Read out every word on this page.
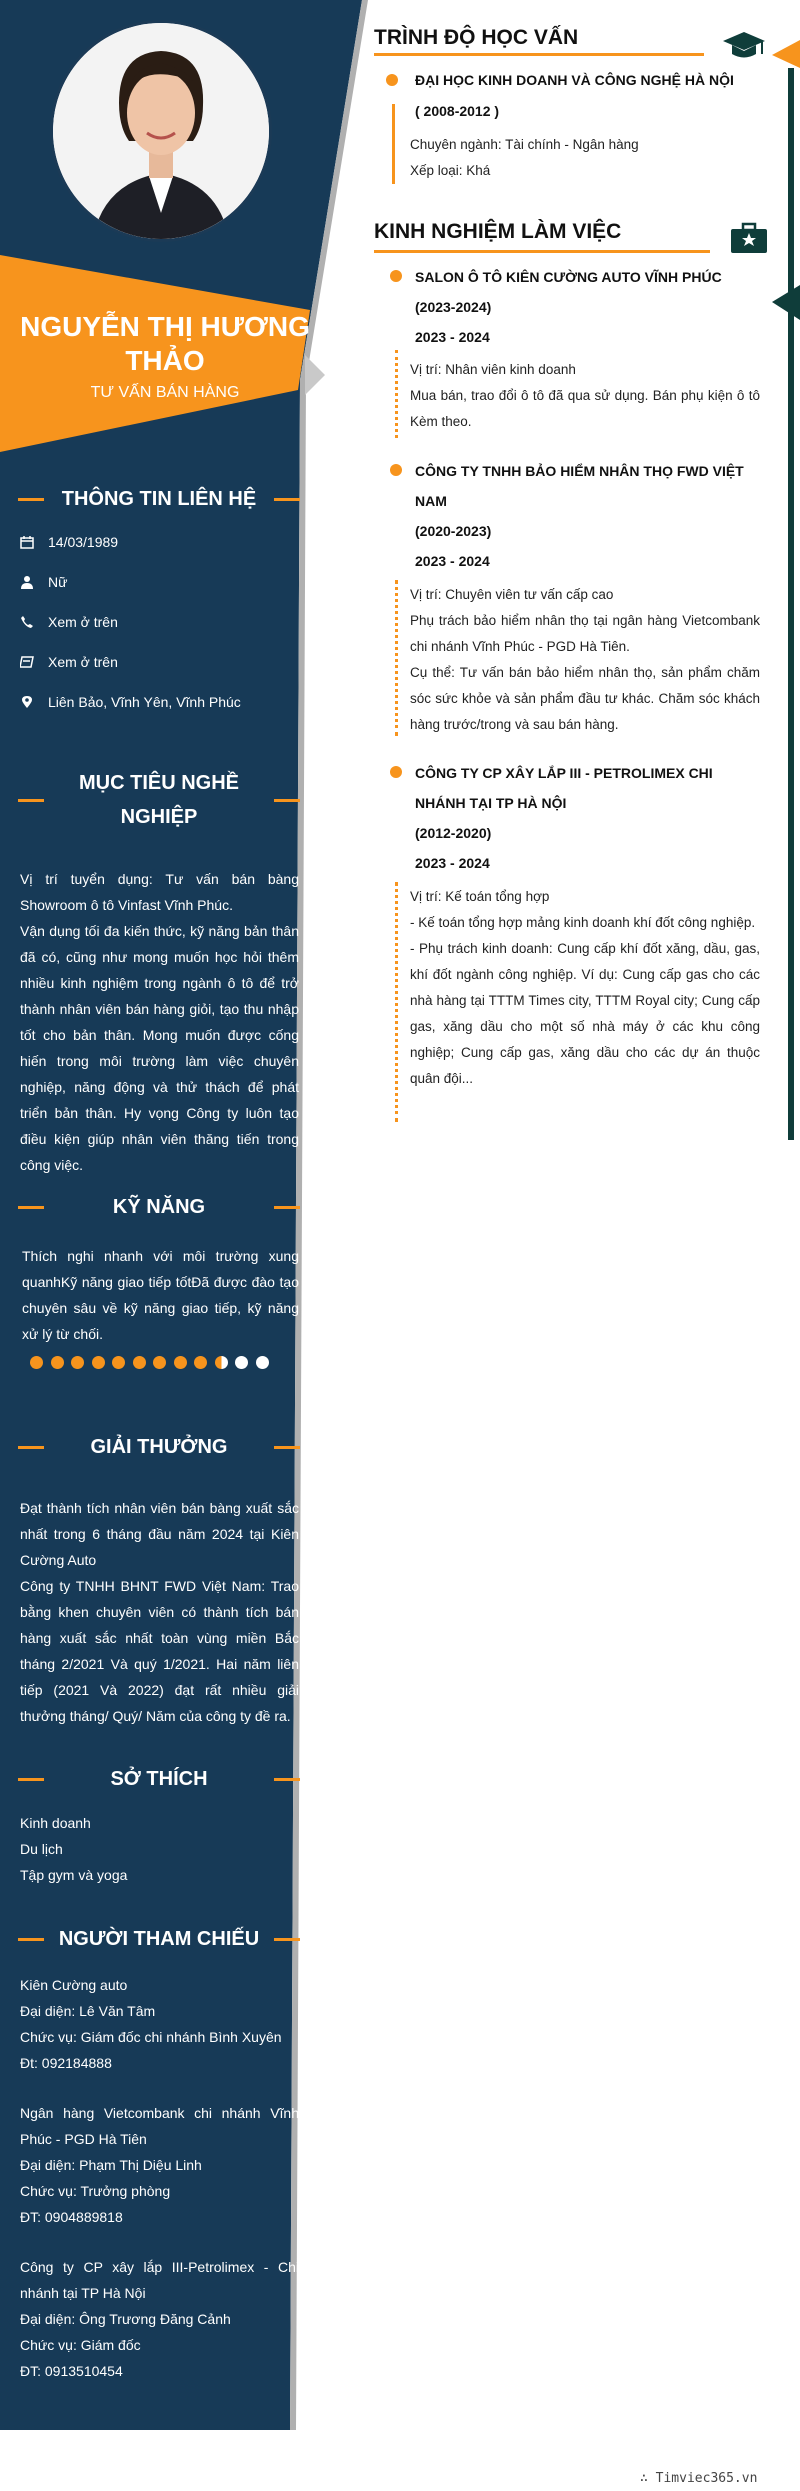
NGUYỄN THỊ HƯƠNG THẢO
TƯ VẤN BÁN HÀNG
THÔNG TIN LIÊN HỆ
14/03/1989
Nữ
Xem ở trên
Xem ở trên
Liên Bảo, Vĩnh Yên, Vĩnh Phúc
MỤC TIÊU NGHỀ
NGHIỆP
Vị trí tuyển dụng: Tư vấn bán bàng Showroom ô tô Vinfast Vĩnh Phúc.
Vận dụng tối đa kiến thức, kỹ năng bản thân đã có, cũng như mong muốn học hỏi thêm nhiều kinh nghiệm trong ngành ô tô để trở thành nhân viên bán hàng giỏi, tạo thu nhập tốt cho bản thân. Mong muốn được cống hiến trong môi trường làm việc chuyên nghiệp, năng động và thử thách để phát triển bản thân. Hy vọng Công ty luôn tạo điều kiện giúp nhân viên thăng tiến trong công việc.
KỸ NĂNG
Thích nghi nhanh với môi trường xung quanhKỹ năng giao tiếp tốtĐã được đào tạo chuyên sâu về kỹ năng giao tiếp, kỹ năng xử lý từ chối.
GIẢI THƯỞNG
Đạt thành tích nhân viên bán bàng xuất sắc nhất trong 6 tháng đầu năm 2024 tại Kiên Cường Auto
Công ty TNHH BHNT FWD Việt Nam: Trao bằng khen chuyên viên có thành tích bán hàng xuất sắc nhất toàn vùng miền Bắc tháng 2/2021 Và quý 1/2021. Hai năm liên tiếp (2021 Và 2022) đạt rất nhiều giải thưởng tháng/ Quý/ Năm của công ty đề ra.
SỞ THÍCH
Kinh doanh
Du lịch
Tập gym và yoga
NGƯỜI THAM CHIẾU
Kiên Cường auto
Đại diện: Lê Văn Tâm
Chức vụ: Giám đốc chi nhánh Bình Xuyên
Đt: 092184888
Ngân hàng Vietcombank chi nhánh Vĩnh Phúc - PGD Hà Tiên
Đại diện: Phạm Thị Diệu Linh
Chức vụ: Trưởng phòng
ĐT: 0904889818
Công ty CP xây lắp III-Petrolimex - Chi nhánh tại TP Hà Nội
Đại diện: Ông Trương Đăng Cảnh
Chức vụ: Giám đốc
ĐT: 0913510454
TRÌNH ĐỘ HỌC VẤN
ĐẠI HỌC KINH DOANH VÀ CÔNG NGHỆ HÀ NỘI
( 2008-2012 )
Chuyên ngành: Tài chính - Ngân hàng
Xếp loại: Khá
KINH NGHIỆM LÀM VIỆC
SALON Ô TÔ KIÊN CƯỜNG AUTO VĨNH PHÚC
(2023-2024)
2023 - 2024
Vị trí: Nhân viên kinh doanh
Mua bán, trao đổi ô tô đã qua sử dụng. Bán phụ kiện ô tô Kèm theo.
CÔNG TY TNHH BẢO HIỂM NHÂN THỌ FWD VIỆT NAM
(2020-2023)
2023 - 2024
Vị trí: Chuyên viên tư vấn cấp cao
Phụ trách bảo hiểm nhân thọ tại ngân hàng Vietcombank chi nhánh Vĩnh Phúc - PGD Hà Tiên.
Cụ thể: Tư vấn bán bảo hiểm nhân thọ, sản phẩm chăm sóc sức khỏe và sản phẩm đầu tư khác. Chăm sóc khách hàng trước/trong và sau bán hàng.
CÔNG TY CP XÂY LẮP III - PETROLIMEX CHI NHÁNH TẠI TP HÀ NỘI
(2012-2020)
2023 - 2024
Vị trí: Kế toán tổng hợp
- Kế toán tổng hợp mảng kinh doanh khí đốt công nghiệp.
- Phụ trách kinh doanh: Cung cấp khí đốt xăng, dầu, gas, khí đốt ngành công nghiệp. Ví dụ: Cung cấp gas cho các nhà hàng tại TTTM Times city, TTTM Royal city; Cung cấp gas, xăng dầu cho một số nhà máy ở các khu công nghiệp; Cung cấp gas, xăng dầu cho các dự án thuộc quân đội...
∴ Timviec365.vn
